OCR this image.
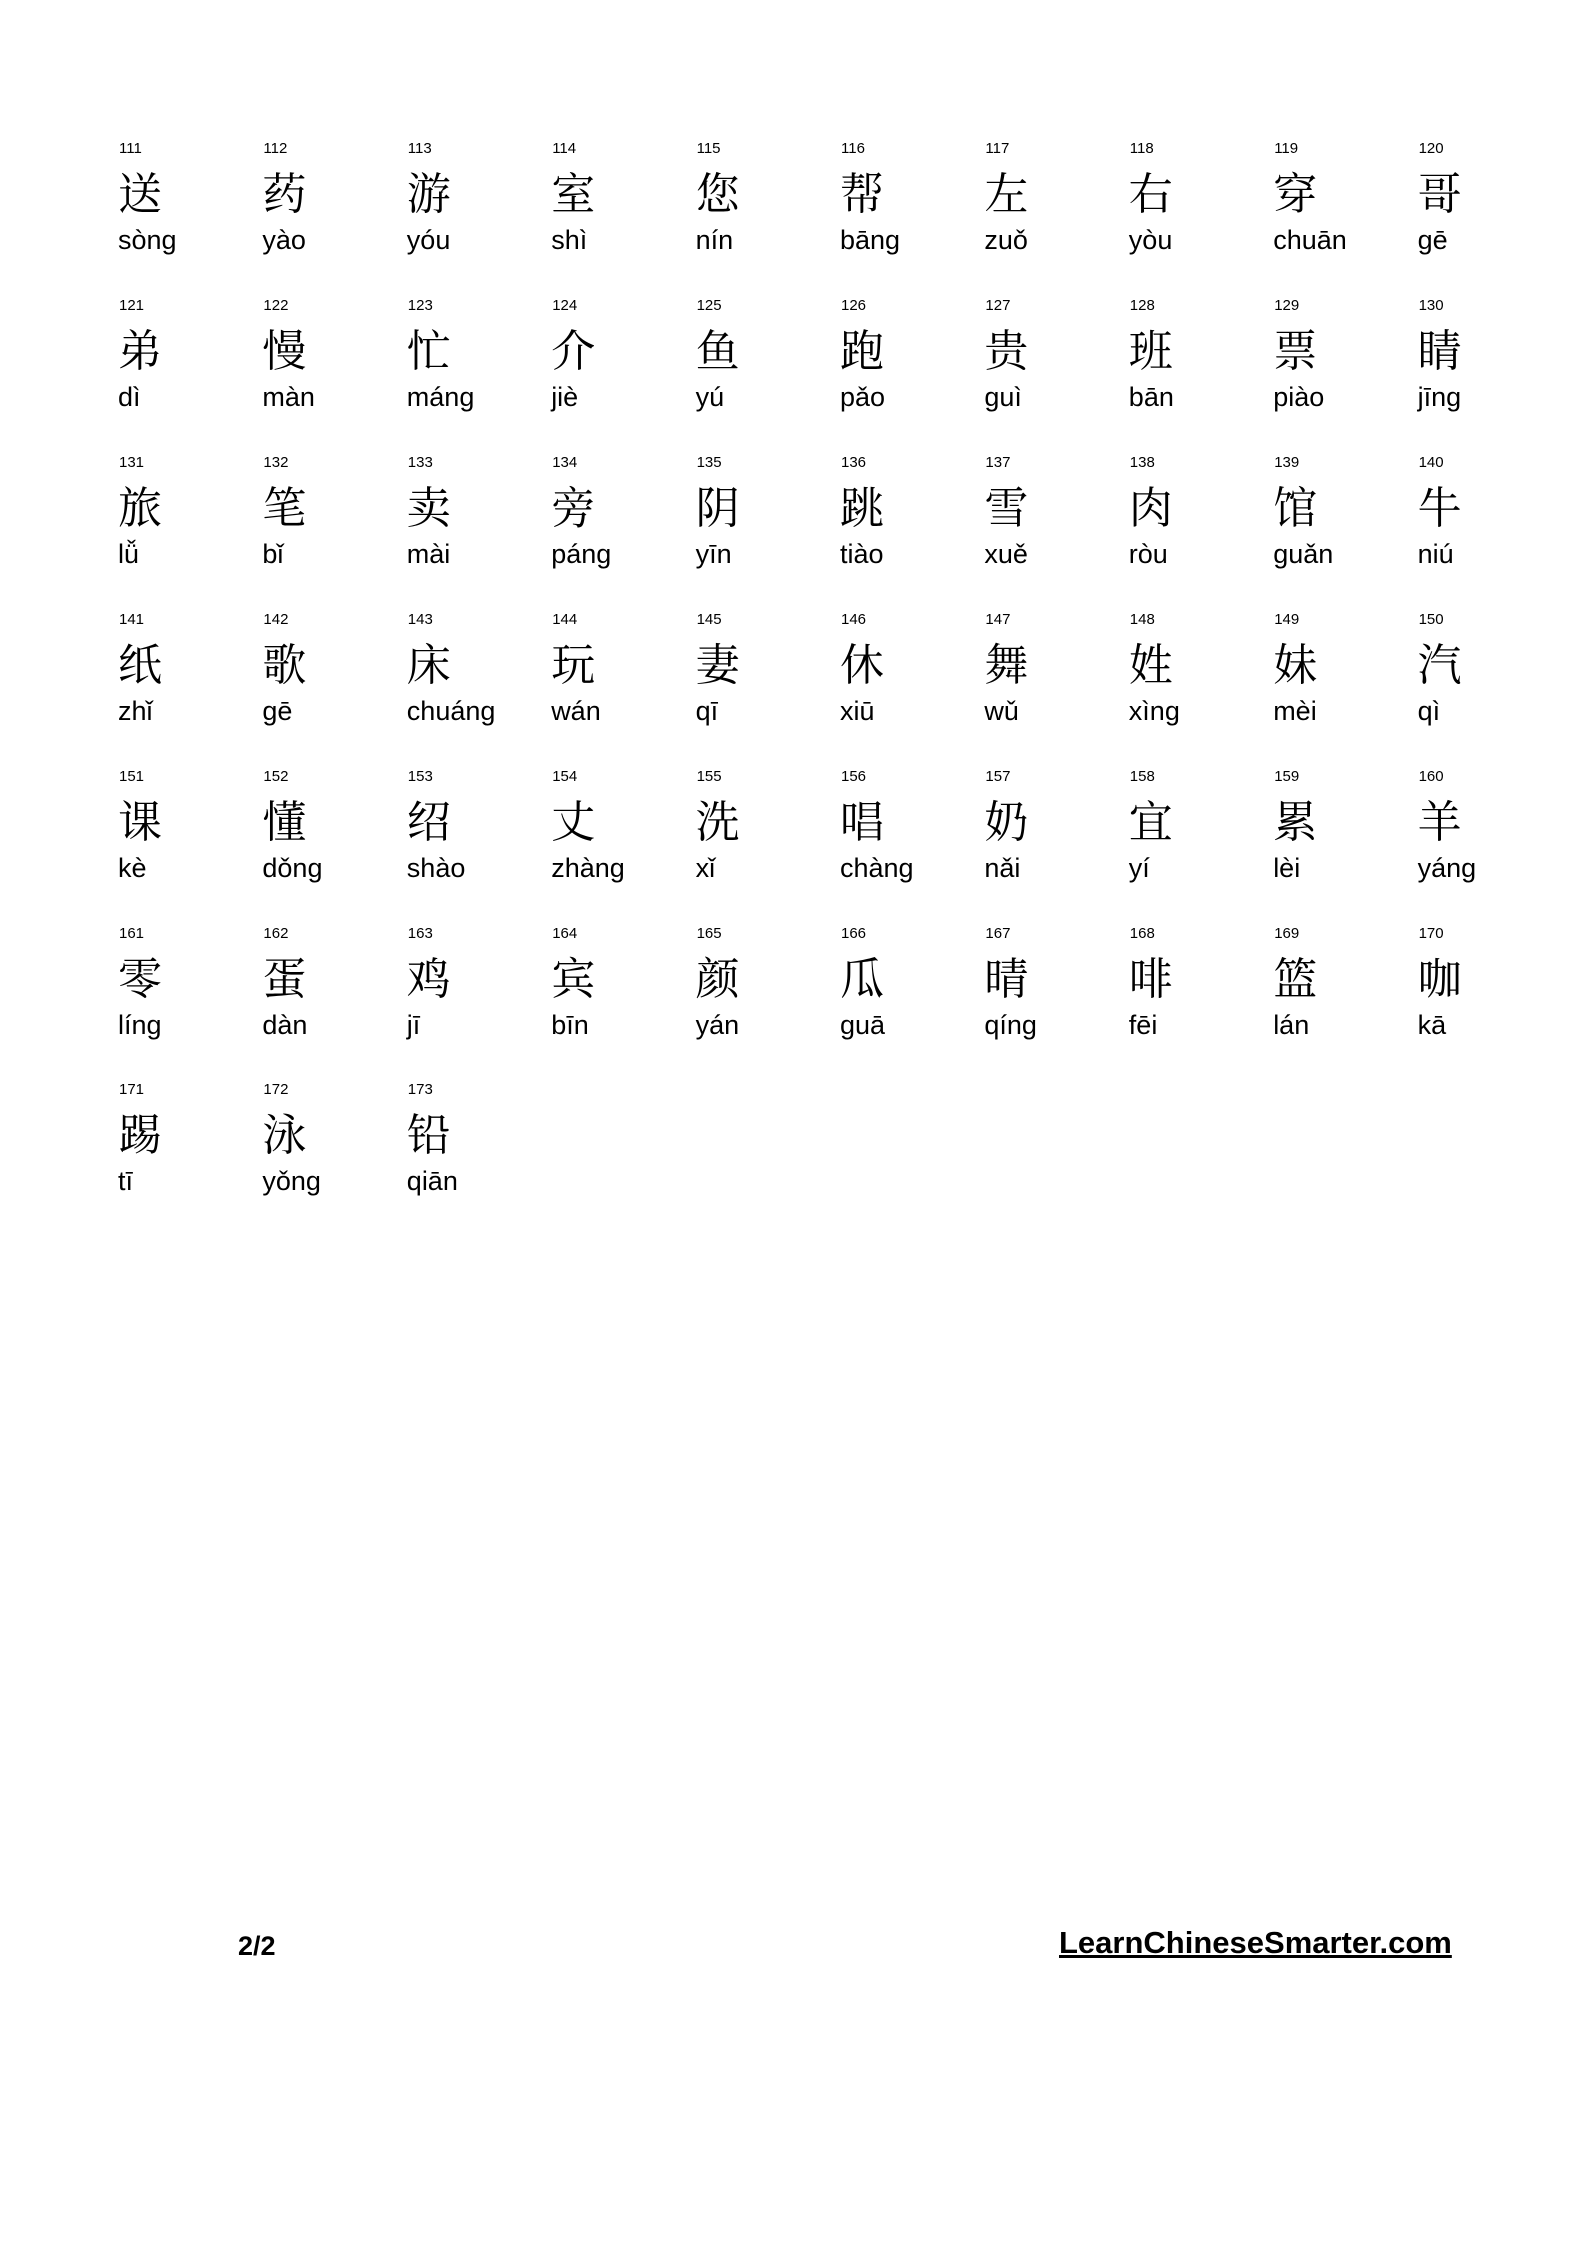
111
送
sòng
112
药
yào
113
游
yóu
114
室
shì
115
您
nín
116
帮
bāng
117
左
zuǒ
118
右
yòu
119
穿
chuān
120
哥
gē
121
弟
dì
122
慢
màn
123
忙
máng
124
介
jiè
125
鱼
yú
126
跑
pǎo
127
贵
guì
128
班
bān
129
票
piào
130
睛
jīng
131
旅
lǚ
132
笔
bǐ
133
卖
mài
134
旁
páng
135
阴
yīn
136
跳
tiào
137
雪
xuě
138
肉
ròu
139
馆
guǎn
140
牛
niú
141
纸
zhǐ
142
歌
gē
143
床
chuáng
144
玩
wán
145
妻
qī
146
休
xiū
147
舞
wǔ
148
姓
xìng
149
妹
mèi
150
汽
qì
151
课
kè
152
懂
dǒng
153
绍
shào
154
丈
zhàng
155
洗
xǐ
156
唱
chàng
157
奶
nǎi
158
宜
yí
159
累
lèi
160
羊
yáng
161
零
líng
162
蛋
dàn
163
鸡
jī
164
宾
bīn
165
颜
yán
166
瓜
guā
167
晴
qíng
168
啡
fēi
169
篮
lán
170
咖
kā
171
踢
tī
172
泳
yǒng
173
铅
qiān
2/2	LearnChineseSmarter.com
